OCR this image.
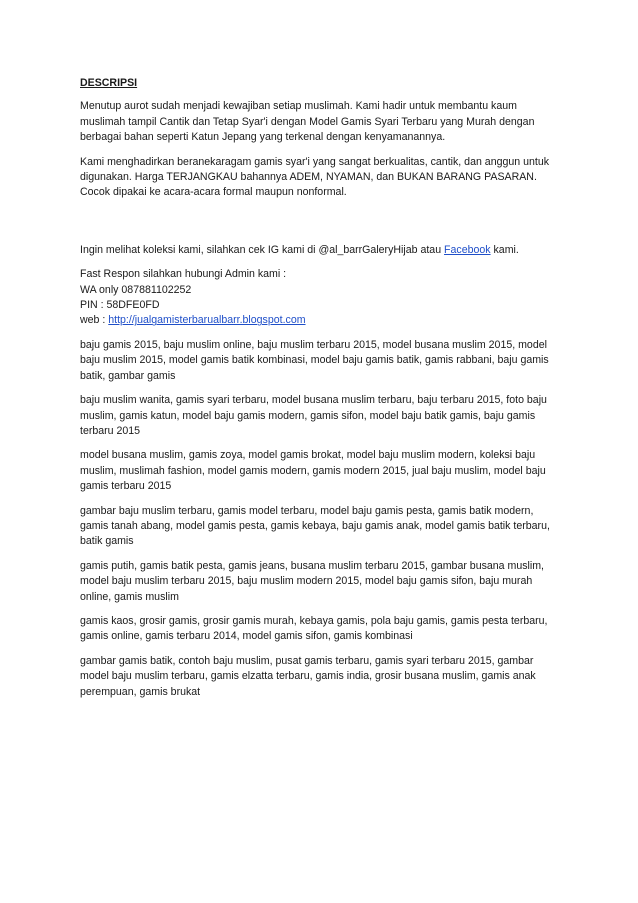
DESCRIPSI

Menutup aurot sudah menjadi kewajiban setiap muslimah. Kami hadir untuk membantu kaum muslimah tampil Cantik dan Tetap Syar'i dengan Model Gamis Syari Terbaru yang Murah dengan berbagai bahan seperti Katun Jepang yang terkenal dengan kenyamanannya.

Kami menghadirkan beranekaragam gamis syar'i yang sangat berkualitas, cantik, dan anggun untuk digunakan. Harga TERJANGKAU bahannya ADEM, NYAMAN, dan BUKAN BARANG PASARAN. Cocok dipakai ke acara-acara formal maupun nonformal.

Ingin melihat koleksi kami, silahkan cek IG kami di @al_barrGaleryHijab atau Facebook kami.

Fast Respon silahkan hubungi Admin kami :

WA only 087881102252

PIN : 58DFE0FD

web : http://jualgamisterbarualbarr.blogspot.com

baju gamis 2015, baju muslim online, baju muslim terbaru 2015, model busana muslim 2015, model baju muslim 2015, model gamis batik kombinasi, model baju gamis batik, gamis rabbani, baju gamis batik, gambar gamis

baju muslim wanita, gamis syari terbaru, model busana muslim terbaru, baju terbaru 2015, foto baju muslim, gamis katun, model baju gamis modern, gamis sifon, model baju batik gamis, baju gamis terbaru 2015

model busana muslim, gamis zoya, model gamis brokat, model baju muslim modern, koleksi baju muslim, muslimah fashion, model gamis modern, gamis modern 2015, jual baju muslim, model baju gamis terbaru 2015

gambar baju muslim terbaru, gamis model terbaru, model baju gamis pesta, gamis batik modern, gamis tanah abang, model gamis pesta, gamis kebaya, baju gamis anak, model gamis batik terbaru, batik gamis

gamis putih, gamis batik pesta, gamis jeans, busana muslim terbaru 2015, gambar busana muslim, model baju muslim terbaru 2015, baju muslim modern 2015, model baju gamis sifon, baju murah online, gamis muslim

gamis kaos, grosir gamis, grosir gamis murah, kebaya gamis, pola baju gamis, gamis pesta terbaru, gamis online, gamis terbaru 2014, model gamis sifon, gamis kombinasi

gambar gamis batik, contoh baju muslim, pusat gamis terbaru, gamis syari terbaru 2015, gambar model baju muslim terbaru, gamis elzatta terbaru, gamis india, grosir busana muslim, gamis anak perempuan, gamis brukat
